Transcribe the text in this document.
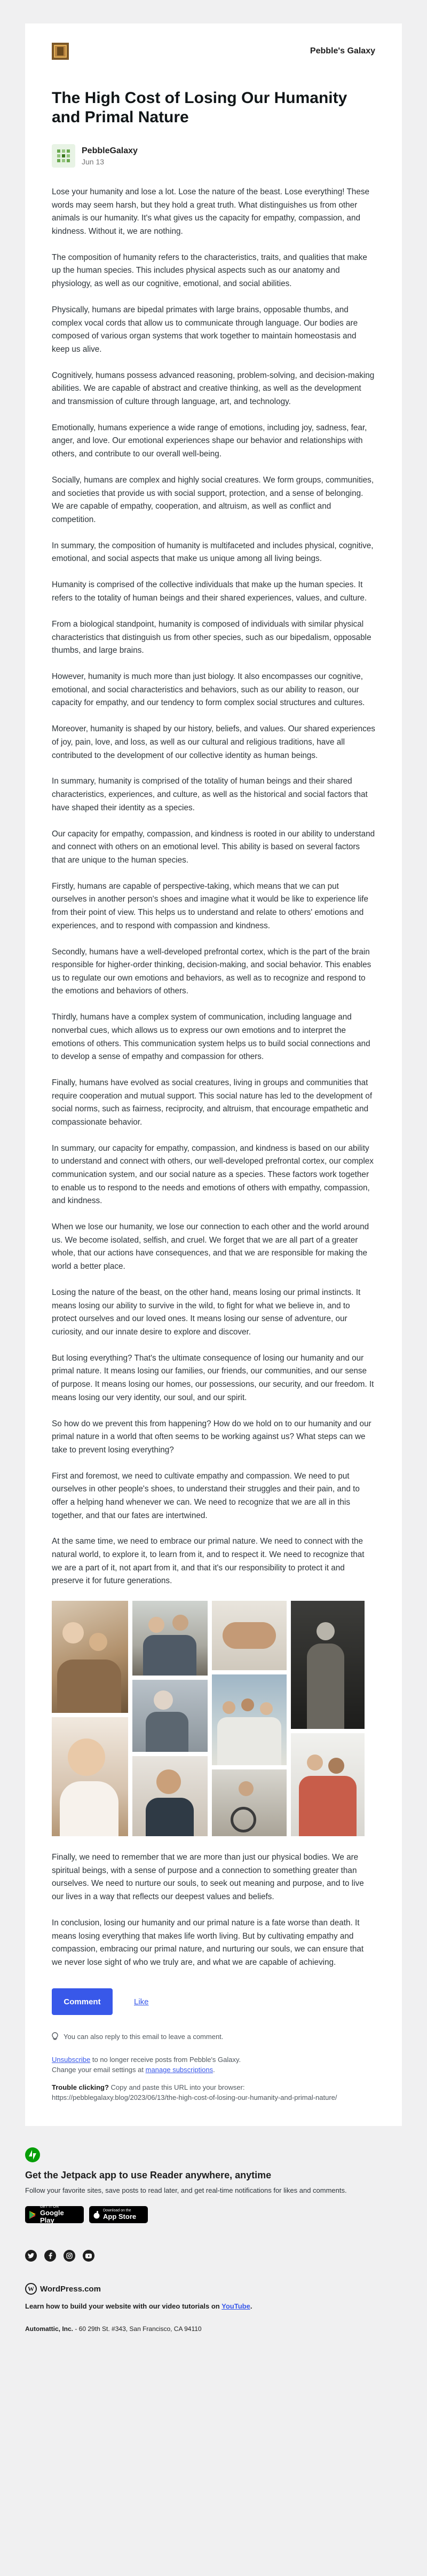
Pebble's Galaxy
The High Cost of Losing Our Humanity and Primal Nature
PebbleGalaxy
Jun 13

Lose your humanity and lose a lot. Lose the nature of the beast. Lose everything! These words may seem harsh, but they hold a great truth. What distinguishes us from other animals is our humanity. It's what gives us the capacity for empathy, compassion, and kindness. Without it, we are nothing.

The composition of humanity refers to the characteristics, traits, and qualities that make up the human species. This includes physical aspects such as our anatomy and physiology, as well as our cognitive, emotional, and social abilities.

Physically, humans are bipedal primates with large brains, opposable thumbs, and complex vocal cords that allow us to communicate through language. Our bodies are composed of various organ systems that work together to maintain homeostasis and keep us alive.

Cognitively, humans possess advanced reasoning, problem-solving, and decision-making abilities. We are capable of abstract and creative thinking, as well as the development and transmission of culture through language, art, and technology.

Emotionally, humans experience a wide range of emotions, including joy, sadness, fear, anger, and love. Our emotional experiences shape our behavior and relationships with others, and contribute to our overall well-being.

Socially, humans are complex and highly social creatures. We form groups, communities, and societies that provide us with social support, protection, and a sense of belonging. We are capable of empathy, cooperation, and altruism, as well as conflict and competition.

In summary, the composition of humanity is multifaceted and includes physical, cognitive, emotional, and social aspects that make us unique among all living beings.

Humanity is comprised of the collective individuals that make up the human species. It refers to the totality of human beings and their shared experiences, values, and culture.

From a biological standpoint, humanity is composed of individuals with similar physical characteristics that distinguish us from other species, such as our bipedalism, opposable thumbs, and large brains.

However, humanity is much more than just biology. It also encompasses our cognitive, emotional, and social characteristics and behaviors, such as our ability to reason, our capacity for empathy, and our tendency to form complex social structures and cultures.

Moreover, humanity is shaped by our history, beliefs, and values. Our shared experiences of joy, pain, love, and loss, as well as our cultural and religious traditions, have all contributed to the development of our collective identity as human beings.

In summary, humanity is comprised of the totality of human beings and their shared characteristics, experiences, and culture, as well as the historical and social factors that have shaped their identity as a species.

Our capacity for empathy, compassion, and kindness is rooted in our ability to understand and connect with others on an emotional level. This ability is based on several factors that are unique to the human species.

Firstly, humans are capable of perspective-taking, which means that we can put ourselves in another person's shoes and imagine what it would be like to experience life from their point of view. This helps us to understand and relate to others' emotions and experiences, and to respond with compassion and kindness.

Secondly, humans have a well-developed prefrontal cortex, which is the part of the brain responsible for higher-order thinking, decision-making, and social behavior. This enables us to regulate our own emotions and behaviors, as well as to recognize and respond to the emotions and behaviors of others.

Thirdly, humans have a complex system of communication, including language and nonverbal cues, which allows us to express our own emotions and to interpret the emotions of others. This communication system helps us to build social connections and to develop a sense of empathy and compassion for others.

Finally, humans have evolved as social creatures, living in groups and communities that require cooperation and mutual support. This social nature has led to the development of social norms, such as fairness, reciprocity, and altruism, that encourage empathetic and compassionate behavior.

In summary, our capacity for empathy, compassion, and kindness is based on our ability to understand and connect with others, our well-developed prefrontal cortex, our complex communication system, and our social nature as a species. These factors work together to enable us to respond to the needs and emotions of others with empathy, compassion, and kindness.

When we lose our humanity, we lose our connection to each other and the world around us. We become isolated, selfish, and cruel. We forget that we are all part of a greater whole, that our actions have consequences, and that we are responsible for making the world a better place.

Losing the nature of the beast, on the other hand, means losing our primal instincts. It means losing our ability to survive in the wild, to fight for what we believe in, and to protect ourselves and our loved ones. It means losing our sense of adventure, our curiosity, and our innate desire to explore and discover.

But losing everything? That's the ultimate consequence of losing our humanity and our primal nature. It means losing our families, our friends, our communities, and our sense of purpose. It means losing our homes, our possessions, our security, and our freedom. It means losing our very identity, our soul, and our spirit.

So how do we prevent this from happening? How do we hold on to our humanity and our primal nature in a world that often seems to be working against us? What steps can we take to prevent losing everything?

First and foremost, we need to cultivate empathy and compassion. We need to put ourselves in other people's shoes, to understand their struggles and their pain, and to offer a helping hand whenever we can. We need to recognize that we are all in this together, and that our fates are intertwined.

At the same time, we need to embrace our primal nature. We need to connect with the natural world, to explore it, to learn from it, and to respect it. We need to recognize that we are a part of it, not apart from it, and that it's our responsibility to protect it and preserve it for future generations.

Finally, we need to remember that we are more than just our physical bodies. We are spiritual beings, with a sense of purpose and a connection to something greater than ourselves. We need to nurture our souls, to seek out meaning and purpose, and to live our lives in a way that reflects our deepest values and beliefs.

In conclusion, losing our humanity and our primal nature is a fate worse than death. It means losing everything that makes life worth living. But by cultivating empathy and compassion, embracing our primal nature, and nurturing our souls, we can ensure that we never lose sight of who we truly are, and what we are capable of achieving.

Comment	Like
You can also reply to this email to leave a comment.
Unsubscribe to no longer receive posts from Pebble's Galaxy.
Change your email settings at manage subscriptions.
Trouble clicking? Copy and paste this URL into your browser:
https://pebblegalaxy.blog/2023/06/13/the-high-cost-of-losing-our-humanity-and-primal-nature/
Get the Jetpack app to use Reader anywhere, anytime
Follow your favorite sites, save posts to read later, and get real-time notifications for likes and comments.
GET IT ON
Google Play
Download on the
App Store
W WordPress.com
Learn how to build your website with our video tutorials on YouTube.
Automattic, Inc. - 60 29th St. #343, San Francisco, CA 94110
